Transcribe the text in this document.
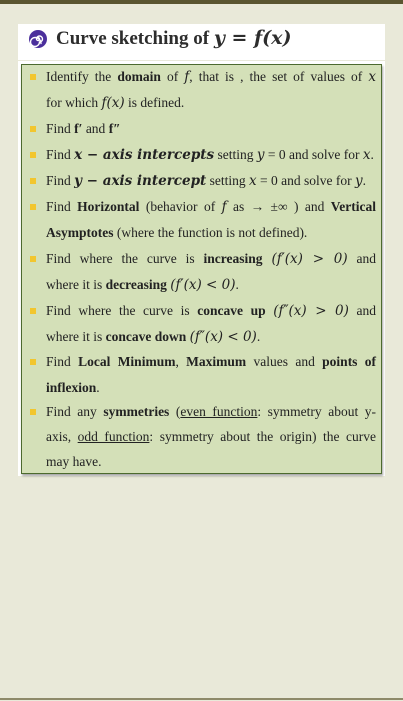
Curve sketching of y = f(x)
Identify the domain of f, that is , the set of values of x
for which f(x) is defined.
Find f′ and f″
Find x − axis intercepts setting y = 0 and solve for x.
Find y − axis intercept setting x = 0 and solve for y.
Find Horizontal (behavior of f as → ±∞ ) and Vertical
Asymptotes (where the function is not defined).
Find where the curve is increasing (f′(x) > 0) and
where it is decreasing (f′(x) < 0).
Find where the curve is concave up (f″(x) > 0) and
where it is concave down (f″(x) < 0).
Find Local Minimum, Maximum values and points of
inflexion.
Find any symmetries (even function: symmetry about y-
axis, odd function: symmetry about the origin) the curve
may have.
